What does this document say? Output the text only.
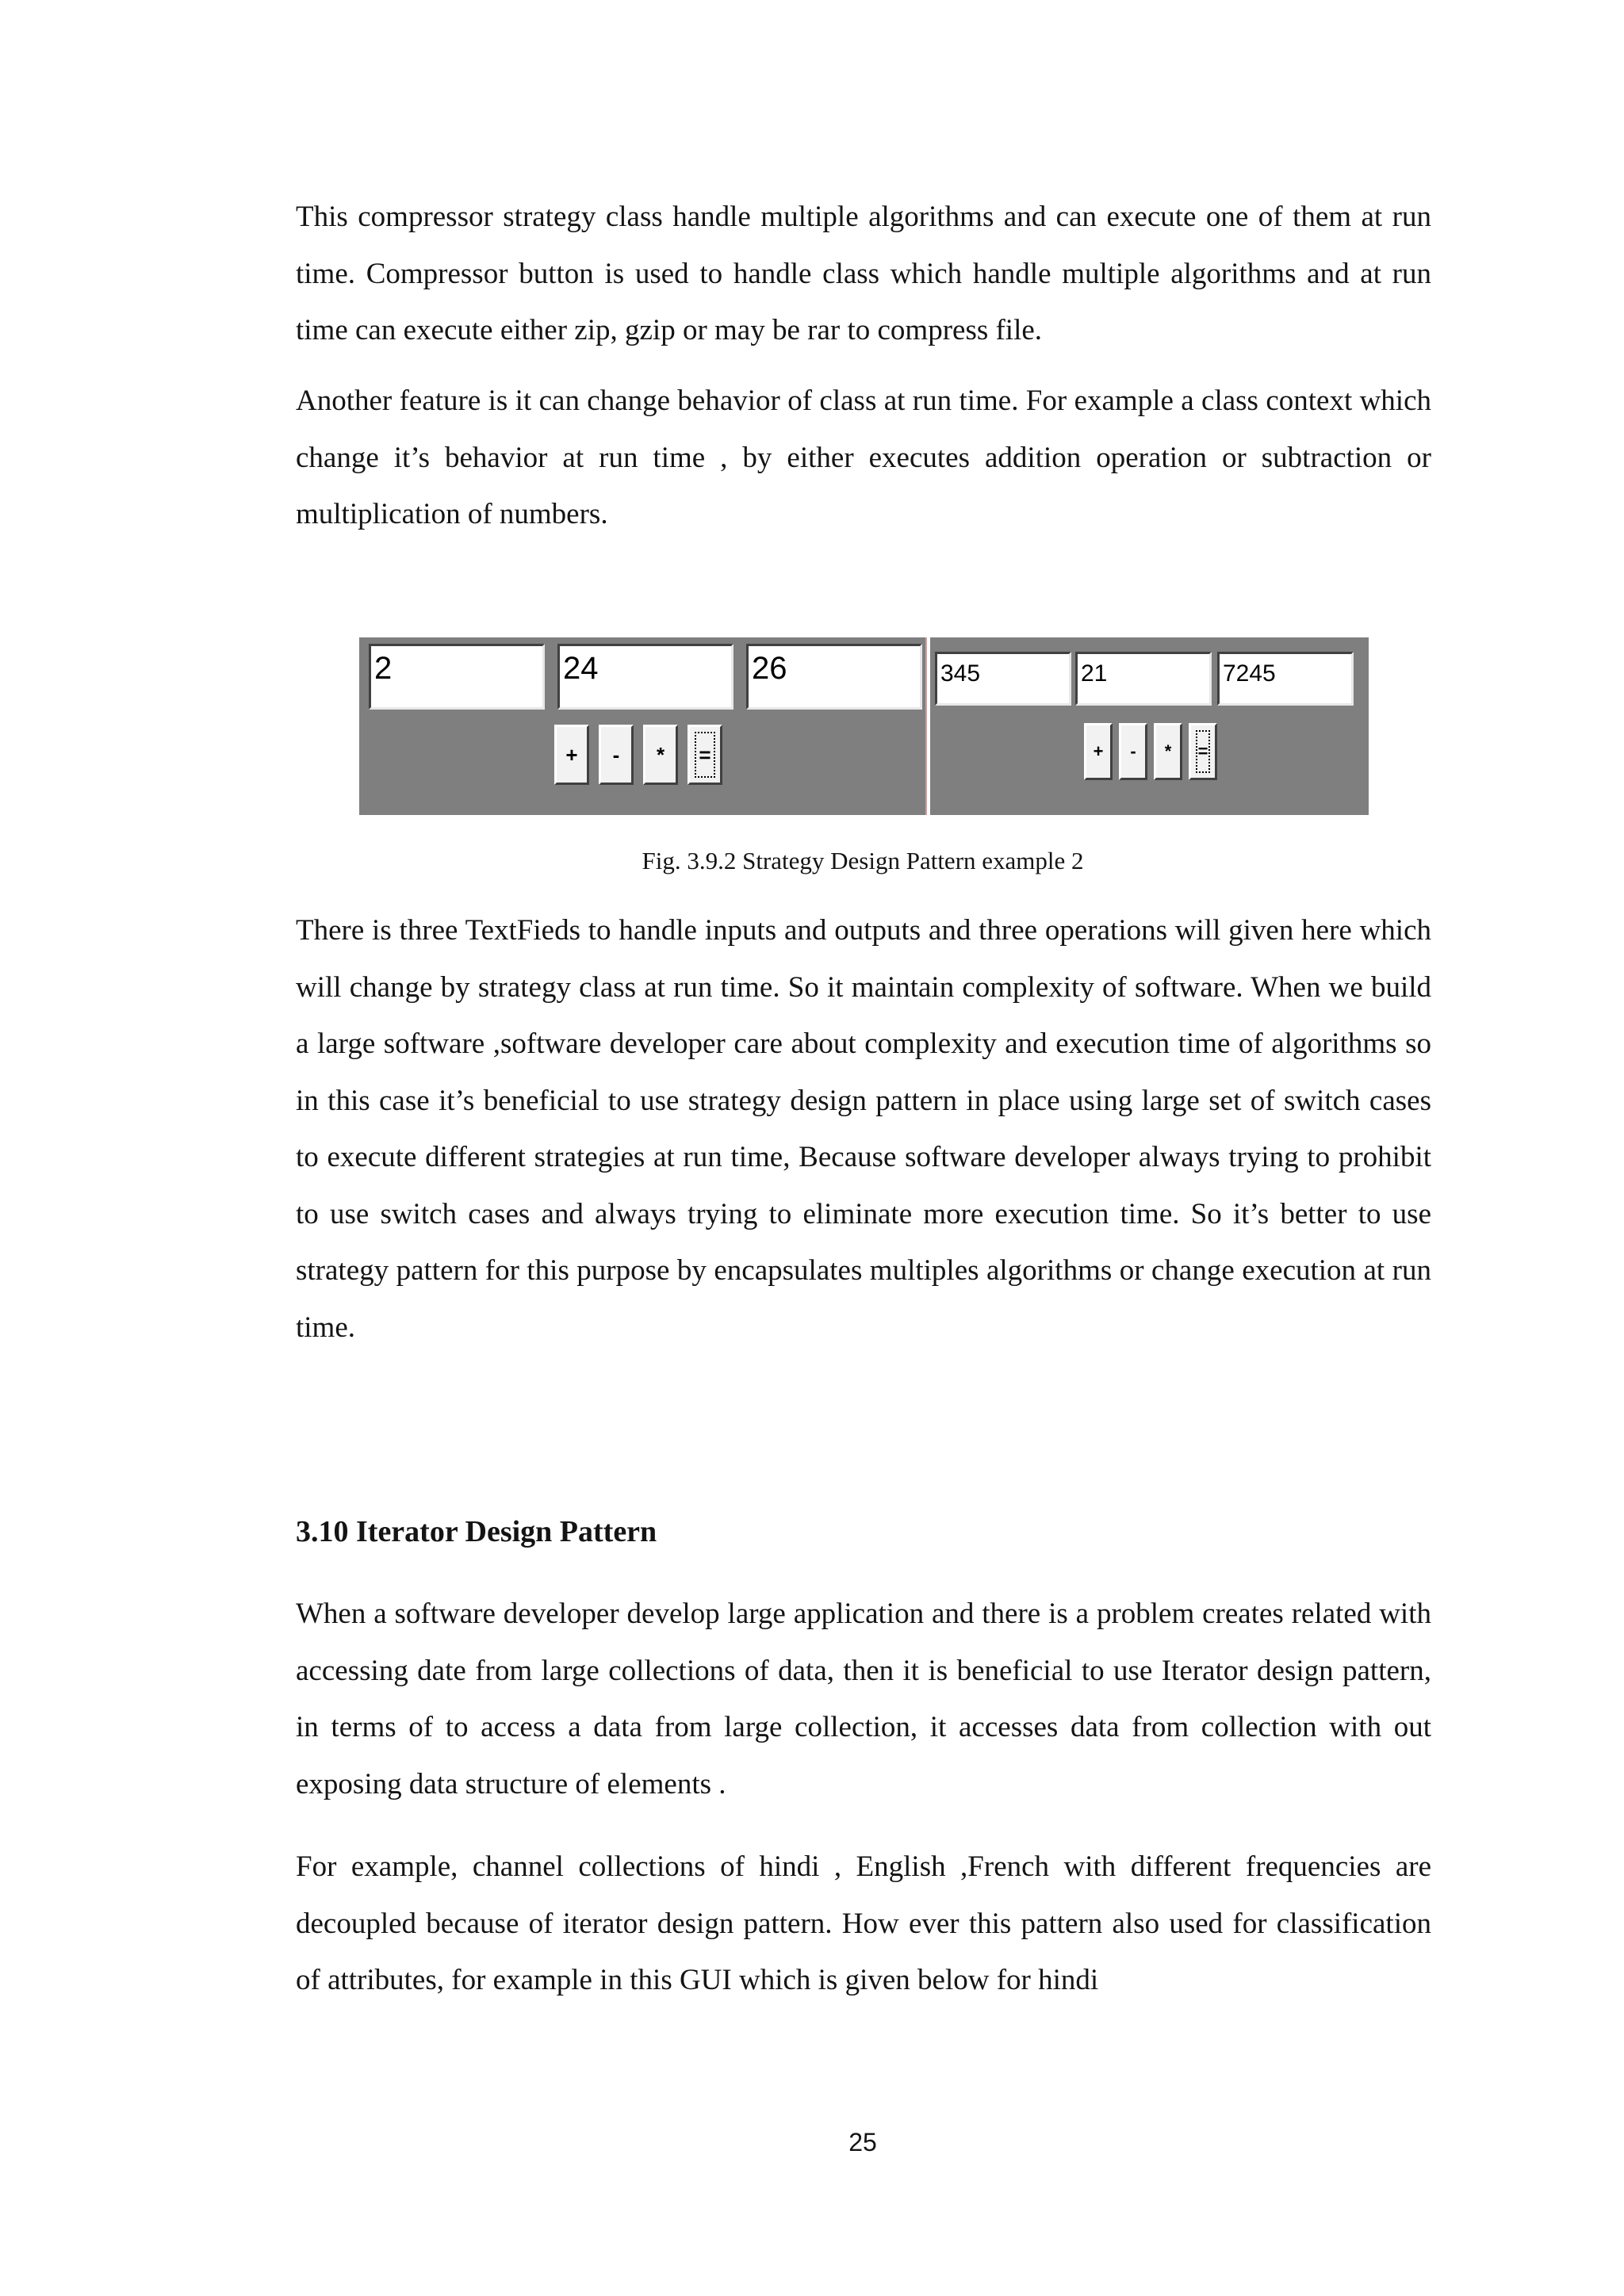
This compressor strategy class handle multiple algorithms and can execute one of them at run time. Compressor button is used to handle class which handle multiple algorithms and at run time can execute either zip, gzip or may be rar to compress file.

Another feature is it can change behavior of class at run time. For example a class context which change it’s behavior at run time , by either executes addition operation or subtraction or multiplication of numbers.

2	24	26
+	-	*	=
345	21	7245
+	-	*	=

Fig. 3.9.2 Strategy Design Pattern example 2

There is three TextFieds to handle inputs and outputs and three operations will given here which will change by strategy class at run time. So it maintain complexity of software. When we build a large software ,software developer care about complexity and execution time of algorithms so in this case it’s beneficial to use strategy design pattern in place using large set of switch cases to execute different strategies at run time, Because software developer always trying to prohibit to use switch cases and always trying to eliminate more execution time. So it’s better to use strategy pattern for this purpose by encapsulates multiples algorithms or change execution at run time.

3.10 Iterator Design Pattern

When a software developer develop large application and there is a problem creates related with accessing date from large collections of data, then it is beneficial to use Iterator design pattern, in terms of to access a data from large collection, it accesses data from collection with out exposing data structure of elements .

For example, channel collections of hindi , English ,French with different frequencies are decoupled because of iterator design pattern. How ever this pattern also used for classification of attributes, for example in this GUI which is given below for hindi

25
